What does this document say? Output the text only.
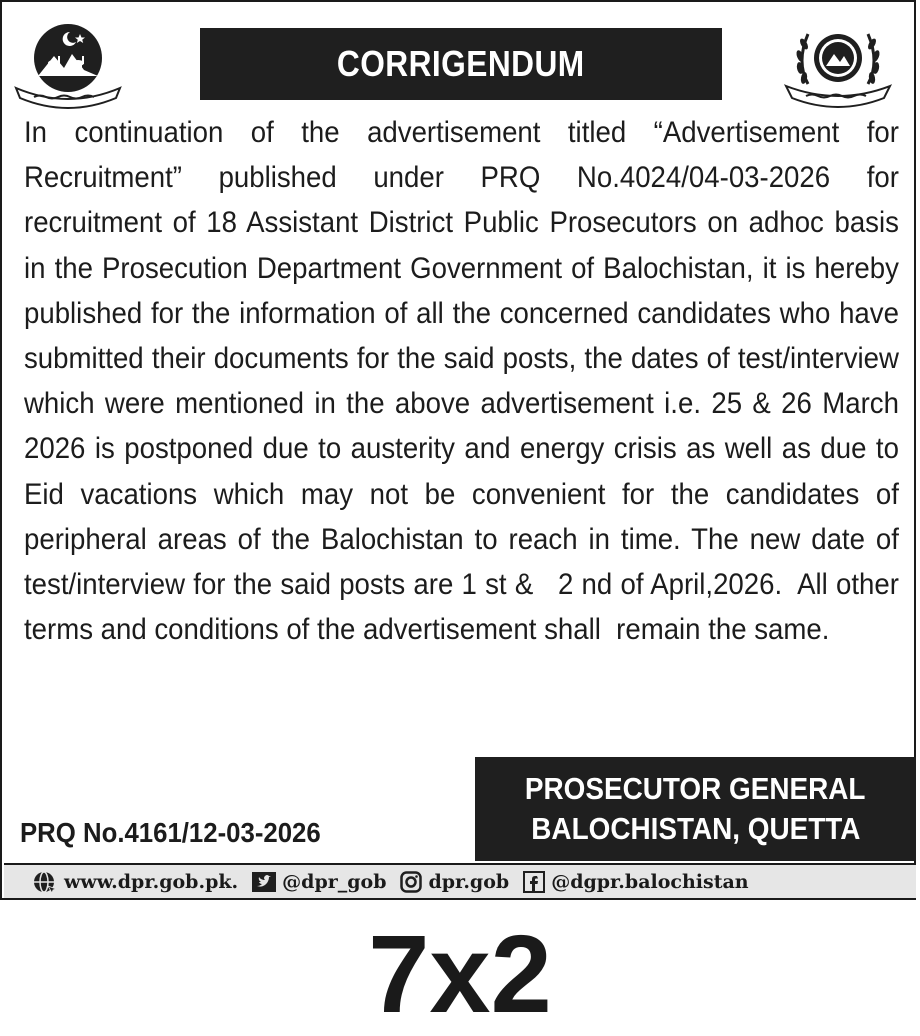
CORRIGENDUM
In continuation of the advertisement titled “Advertisement for Recruitment” published under PRQ No.4024/04-03-2026 for recruitment of 18 Assistant District Public Prosecutors on adhoc basis in the Prosecution Department Government of Balochistan, it is hereby published for the information of all the concerned candidates who have submitted their documents for the said posts, the dates of test/interview which were mentioned in the above advertisement i.e. 25 & 26 March 2026 is postponed due to austerity and energy crisis as well as due to Eid vacations which may not be convenient for the candidates of peripheral areas of the Balochistan to reach in time. The new date of test/interview for the said posts are 1 st &   2 nd of April,2026.  All other terms and conditions of the advertisement shall  remain the same.
PRQ No.4161/12-03-2026
PROSECUTOR GENERAL
BALOCHISTAN, QUETTA
www.dpr.gob.pk. @dpr_gob dpr.gob @dgpr.balochistan
7x2
